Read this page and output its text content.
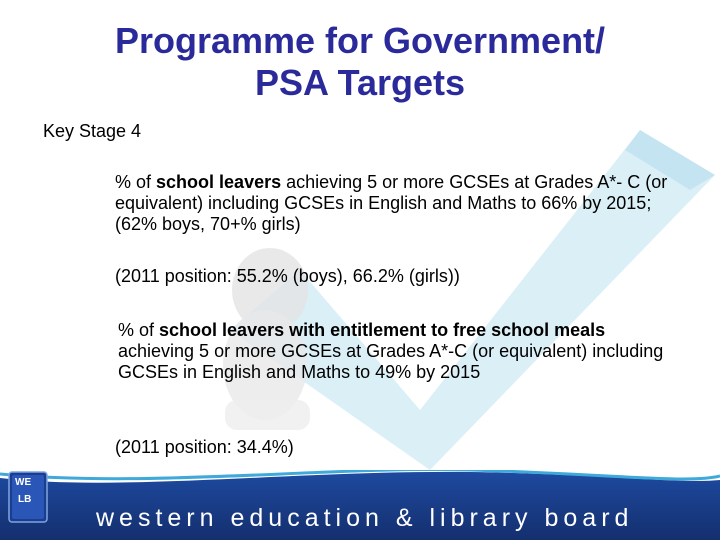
Programme for Government/
PSA Targets
Key Stage 4
% of school leavers achieving 5 or more GCSEs at Grades A*- C (or equivalent) including GCSEs in English and Maths to 66% by 2015; (62% boys, 70+% girls)
(2011 position: 55.2% (boys), 66.2% (girls))
% of school leavers with entitlement to free school meals achieving 5 or more GCSEs at Grades A*-C (or equivalent) including GCSEs in English and Maths to 49% by 2015
(2011 position: 34.4%)
WE
LB
western education & library board
